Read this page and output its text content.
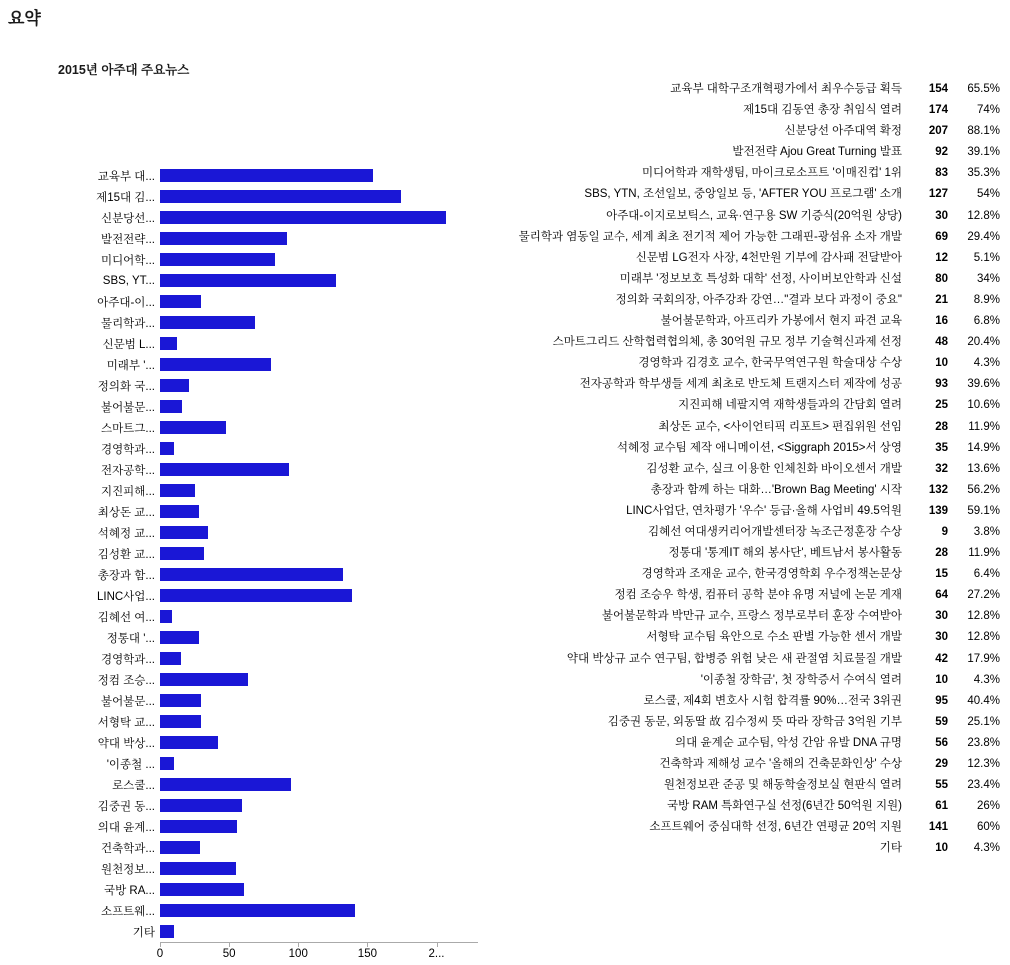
요약
2015년 아주대 주요뉴스
교육부 대...
제15대 김...
신분당선...
발전전략...
미디어학...
SBS, YT...
아주대-이...
물리학과...
신문범 L...
미래부 '...
정의화 국...
불어불문...
스마트그...
경영학과...
전자공학...
지진피해...
최상돈 교...
석혜정 교...
김성환 교...
총장과 함...
LINC사업...
김혜선 여...
정통대 '...
경영학과...
정컴 조승...
불어불문...
서형탁 교...
약대 박상...
'이종철 ...
로스쿨...
김중권 동...
의대 윤계...
건축학과...
원천정보...
국방 RA...
소프트웨...
기타
0	50	100	150	2...
교육부 대학구조개혁평가에서 최우수등급 획득	154	65.5%
제15대 김동연 총장 취임식 열려	174	74%
신분당선 아주대역 확정	207	88.1%
발전전략 Ajou Great Turning 발표	92	39.1%
미디어학과 재학생팀, 마이크로소프트 '이매진컵' 1위	83	35.3%
SBS, YTN, 조선일보, 중앙일보 등, 'AFTER YOU 프로그램' 소개	127	54%
아주대-이지로보틱스, 교육·연구용 SW 기증식(20억원 상당)	30	12.8%
물리학과 염동일 교수, 세계 최초 전기적 제어 가능한 그래핀-광섬유 소자 개발	69	29.4%
신문범 LG전자 사장, 4천만원 기부에 감사패 전달받아	12	5.1%
미래부 '정보보호 특성화 대학' 선정, 사이버보안학과 신설	80	34%
정의화 국회의장, 아주강좌 강연…"결과 보다 과정이 중요"	21	8.9%
불어불문학과, 아프리카 가봉에서 현지 파견 교육	16	6.8%
스마트그리드 산학협력협의체, 총 30억원 규모 정부 기술혁신과제 선정	48	20.4%
경영학과 김경호 교수, 한국무역연구원 학술대상 수상	10	4.3%
전자공학과 학부생들 세계 최초로 반도체 트랜지스터 제작에 성공	93	39.6%
지진피해 네팔지역 재학생들과의 간담회 열려	25	10.6%
최상돈 교수, <사이언티픽 리포트> 편집위원 선임	28	11.9%
석혜정 교수팀 제작 애니메이션, <Siggraph 2015>서 상영	35	14.9%
김성환 교수, 실크 이용한 인체친화 바이오센서 개발	32	13.6%
총장과 함께 하는 대화…'Brown Bag Meeting' 시작	132	56.2%
LINC사업단, 연차평가 '우수' 등급·올해 사업비 49.5억원	139	59.1%
김혜선 여대생커리어개발센터장 녹조근정훈장 수상	9	3.8%
정통대 '통계IT 해외 봉사단', 베트남서 봉사활동	28	11.9%
경영학과 조재운 교수, 한국경영학회 우수정책논문상	15	6.4%
정컴 조승우 학생, 컴퓨터 공학 분야 유명 저널에 논문 게재	64	27.2%
불어불문학과 박만규 교수, 프랑스 정부로부터 훈장 수여받아	30	12.8%
서형탁 교수팀 육안으로 수소 판별 가능한 센서 개발	30	12.8%
약대 박상규 교수 연구팀, 합병증 위험 낮은 새 관절염 치료물질 개발	42	17.9%
'이종철 장학금', 첫 장학증서 수여식 열려	10	4.3%
로스쿨, 제4회 변호사 시험 합격률 90%…전국 3위권	95	40.4%
김중권 동문, 외동딸 故 김수정씨 뜻 따라 장학금 3억원 기부	59	25.1%
의대 윤계순 교수팀, 악성 간암 유발 DNA 규명	56	23.8%
건축학과 제해성 교수 '올해의 건축문화인상' 수상	29	12.3%
원천정보관 준공 및 해동학술정보실 현판식 열려	55	23.4%
국방 RAM 특화연구실 선정(6년간 50억원 지원)	61	26%
소프트웨어 중심대학 선정, 6년간 연평균 20억 지원	141	60%
기타	10	4.3%
